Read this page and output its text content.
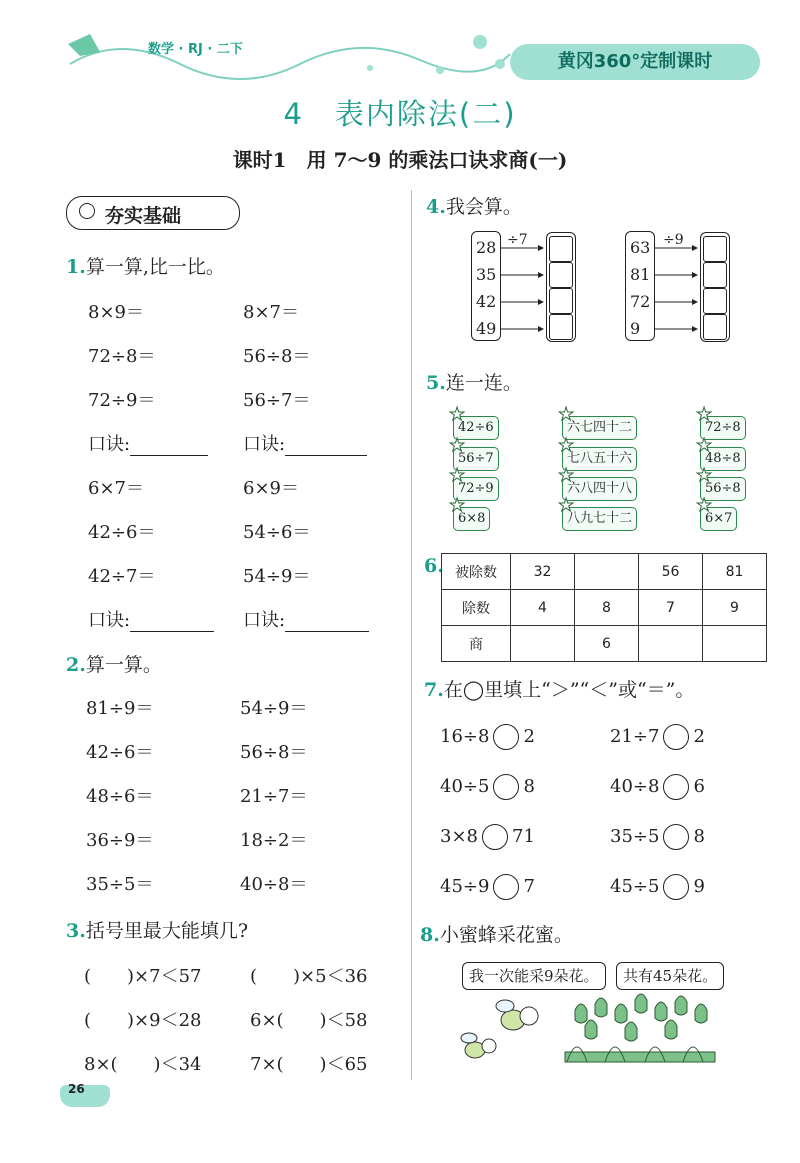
数学 · RJ · 二下
黄冈360°定制课时
4　表内除法(二)
课时1　用 7～9 的乘法口诀求商(一)
夯实基础
1.算一算,比一比。
8×9＝	8×7＝
72÷8＝	56÷8＝
72÷9＝	56÷7＝
口诀:	口诀:
6×7＝	6×9＝
42÷6＝	54÷6＝
42÷7＝	54÷9＝
口诀:	口诀:
2.算一算。
81÷9＝	54÷9＝
42÷6＝	56÷8＝
48÷6＝	21÷7＝
36÷9＝	18÷2＝
35÷5＝	40÷8＝
3.括号里最大能填几?
(　　)×7＜57	(　　)×5＜36
(　　)×9＜28	6×(　　)＜58
8×(　　)＜34	7×(　　)＜65
26
4.我会算。
28
35
42
49
÷7	63
81
72
9
÷9
5.连一连。
42÷6
56÷7
72÷9
6×8
六七四十二
七八五十六
六八四十八
八九七十二
72÷8
48÷8
56÷8
6×7
★
★
★
★
★
★
★
★
★
★
★
★
6. 被除数	32		56	81
除数	4	8	7	9
商		6		
7.在◯里填上“＞”“＜”或“＝”。
16÷8 2	21÷7 2
40÷5 8	40÷8 6
3×8 71	35÷5 8
45÷9 7	45÷5 9
8.小蜜蜂采花蜜。
我一次能采9朵花。	共有45朵花。
